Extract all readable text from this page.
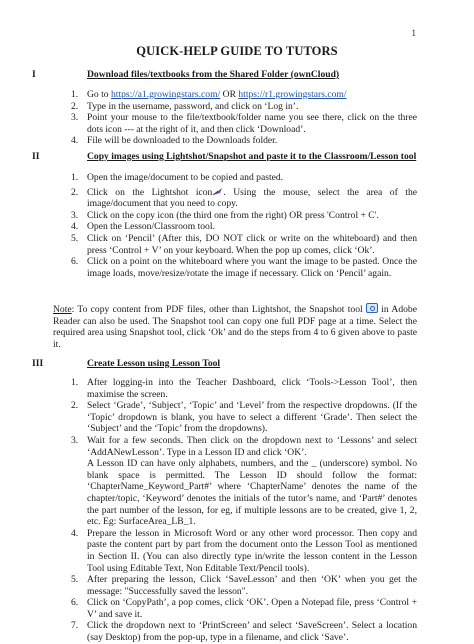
1
QUICK-HELP GUIDE TO TUTORS
I	Download files/textbooks from the Shared Folder (ownCloud)
1. Go to https://a1.growingstars.com/ OR https://r1.growingstars.com/
2. Type in the username, password, and click on ‘Log in’.
3. Point your mouse to the file/textbook/folder name you see there, click on the three dots icon --- at the right of it, and then click ‘Download’.
4. File will be downloaded to the Downloads folder.
II	Copy images using Lightshot/Snapshot and paste it to the Classroom/Lesson tool
1. Open the image/document to be copied and pasted.
2. Click on the Lightshot icon . Using the mouse, select the area of the image/document that you need to copy.
3. Click on the copy icon (the third one from the right) OR press 'Control + C'.
4. Open the Lesson/Classroom tool.
5. Click on ‘Pencil’ (After this, DO NOT click or write on the whiteboard) and then press ‘Control + V’ on your keyboard. When the pop up comes, click ‘Ok’.
6. Click on a point on the whiteboard where you want the image to be pasted. Once the image loads, move/resize/rotate the image if necessary. Click on ‘Pencil’ again.
Note: To copy content from PDF files, other than Lightshot, the Snapshot tool  in Adobe Reader can also be used. The Snapshot tool can copy one full PDF page at a time. Select the required area using Snapshot tool, click ‘Ok’ and do the steps from 4 to 6 given above to paste it.
III	Create Lesson using Lesson Tool
1. After logging-in into the Teacher Dashboard, click ‘Tools->Lesson Tool’, then maximise the screen.
2. Select ‘Grade’, ‘Subject’, ‘Topic’ and ‘Level’ from the respective dropdowns. (If the ‘Topic’ dropdown is blank, you have to select a different ‘Grade’. Then select the ‘Subject’ and the ‘Topic’ from the dropdowns).
3. Wait for a few seconds. Then click on the dropdown next to ‘Lessons’ and select ‘AddANewLesson’. Type in a Lesson ID and click ‘OK’.
A Lesson ID can have only alphabets, numbers, and the _ (underscore) symbol. No blank space is permitted. The Lesson ID should follow the format: ‘ChapterName_Keyword_Part#’ where ‘ChapterName’ denotes the name of the chapter/topic, ‘Keyword’ denotes the initials of the tutor’s name, and ‘Part#’ denotes the part number of the lesson, for eg, if multiple lessons are to be created, give 1, 2, etc. Eg: SurfaceArea_LB_1.
4. Prepare the lesson in Microsoft Word or any other word processor. Then copy and paste the content part by part from the document onto the Lesson Tool as mentioned in Section II. (You can also directly type in/write the lesson content in the Lesson Tool using Editable Text, Non Editable Text/Pencil tools).
5. After preparing the lesson, Click ‘SaveLesson’ and then ‘OK’ when you get the message: "Successfully saved the lesson".
6. Click on ‘CopyPath’, a pop comes, click ‘OK’. Open a Notepad file, press ‘Control + V’ and save it.
7. Click the dropdown next to ‘PrintScreen’ and select ‘SaveScreen’. Select a location (say Desktop) from the pop-up, type in a filename, and click ‘Save’.
